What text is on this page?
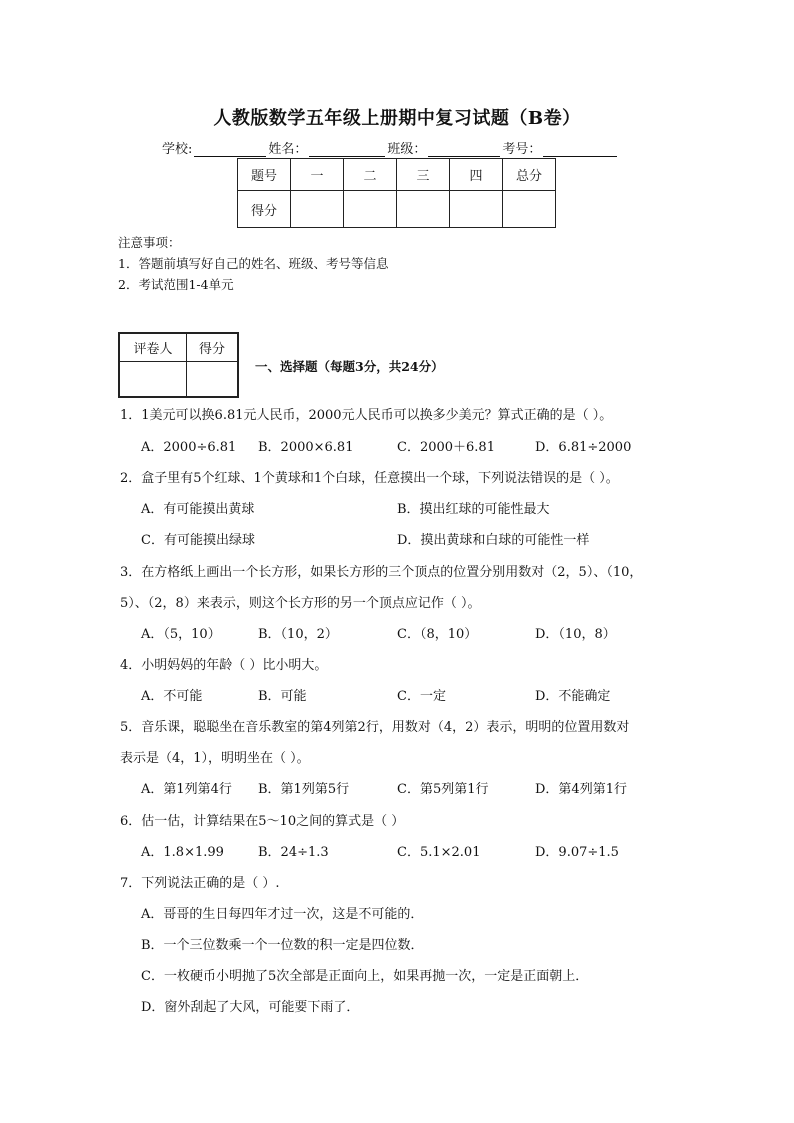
人教版数学五年级上册期中复习试题（B卷）
学校:	姓名：	班级：	考号：
题号	一	二	三	四	总分
得分					
注意事项：
1．答题前填写好自己的姓名、班级、考号等信息
2．考试范围1-4单元
评卷人	得分

一、选择题（每题3分，共24分）
1．1美元可以换6.81元人民币，2000元人民币可以换多少美元？算式正确的是（ ）。
A．2000÷6.81 B．2000×6.81	C．2000＋6.81	D．6.81÷2000
2．盒子里有5个红球、1个黄球和1个白球，任意摸出一个球，下列说法错误的是（ ）。
A．有可能摸出黄球	B．摸出红球的可能性最大
C．有可能摸出绿球	D．摸出黄球和白球的可能性一样
3．在方格纸上画出一个长方形，如果长方形的三个顶点的位置分别用数对（2，5）、（10，
5）、（2，8）来表示，则这个长方形的另一个顶点应记作（ ）。
A．（5，10）	B．（10，2）	C．（8，10）	D．（10，8）
4．小明妈妈的年龄（ ）比小明大。
A．不可能	B．可能	C．一定	D．不能确定
5．音乐课，聪聪坐在音乐教室的第4列第2行，用数对（4，2）表示，明明的位置用数对
表示是（4，1），明明坐在（ ）。
A．第1列第4行 B．第1列第5行	C．第5列第1行	D．第4列第1行
6．估一估，计算结果在5～10之间的算式是（ ）
A．1.8×1.99	B．24÷1.3	C．5.1×2.01	D．9.07÷1.5
7．下列说法正确的是（ ）.
A．哥哥的生日每四年才过一次，这是不可能的．
B．一个三位数乘一个一位数的积一定是四位数．
C．一枚硬币小明抛了5次全部是正面向上，如果再抛一次，一定是正面朝上．
D．窗外刮起了大风，可能要下雨了．
